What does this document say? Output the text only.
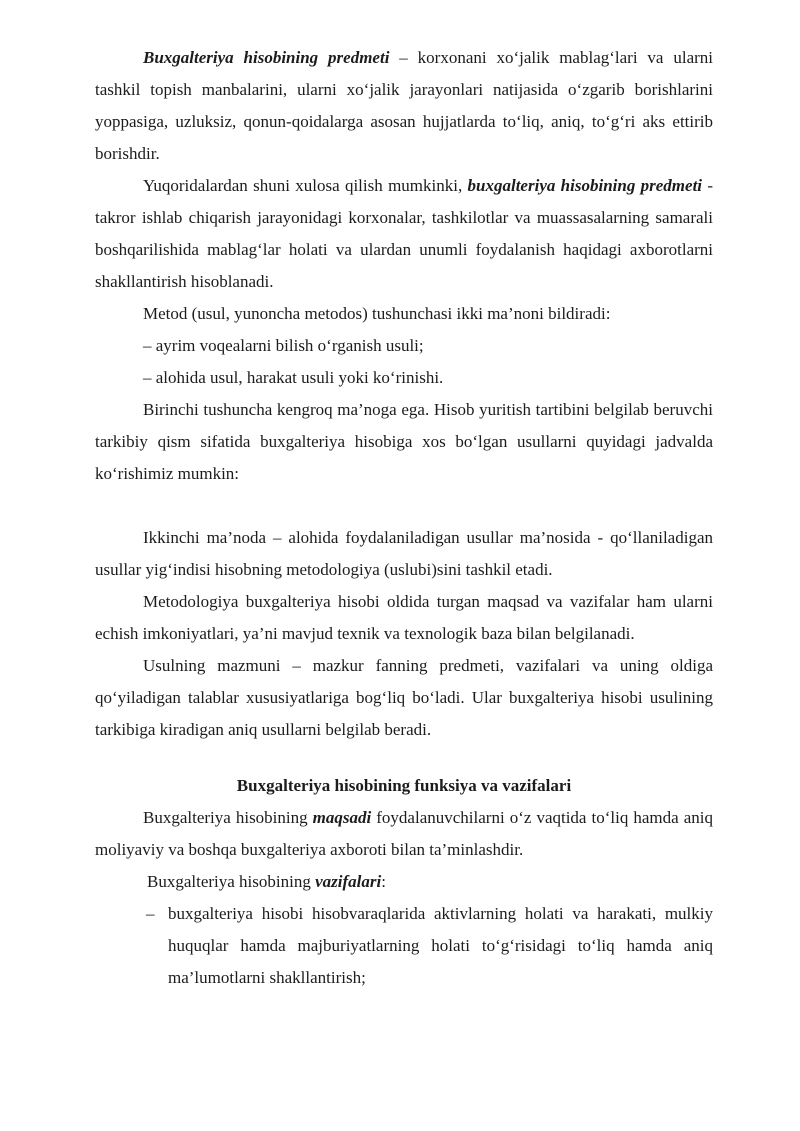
Buxgalteriya hisobining predmeti – korxonani xo‘jalik mablag‘lari va ularni tashkil topish manbalarini, ularni xo‘jalik jarayonlari natijasida o‘zgarib borishlarini yoppasiga, uzluksiz, qonun-qoidalarga asosan hujjatlarda to‘liq, aniq, to‘g‘ri aks ettirib borishdir.

Yuqoridalardan shuni xulosa qilish mumkinki, buxgalteriya hisobining predmeti - takror ishlab chiqarish jarayonidagi korxonalar, tashkilotlar va muassasalarning samarali boshqarilishida mablag‘lar holati va ulardan unumli foydalanish haqidagi axborotlarni shakllantirish hisoblanadi.

Metod (usul, yunoncha metodos) tushunchasi ikki ma’noni bildiradi:

– ayrim voqealarni bilish o‘rganish usuli;

– alohida usul, harakat usuli yoki ko‘rinishi.

Birinchi tushuncha kengroq ma’noga ega. Hisob yuritish tartibini belgilab beruvchi tarkibiy qism sifatida buxgalteriya hisobiga xos bo‘lgan usullarni quyidagi jadvalda ko‘rishimiz mumkin:

Ikkinchi ma’noda – alohida foydalaniladigan usullar ma’nosida - qo‘llaniladigan usullar yig‘indisi hisobning metodologiya (uslubi)sini tashkil etadi.

Metodologiya buxgalteriya hisobi oldida turgan maqsad va vazifalar ham ularni echish imkoniyatlari, ya’ni mavjud texnik va texnologik baza bilan belgilanadi.

Usulning mazmuni – mazkur fanning predmeti, vazifalari va uning oldiga qo‘yiladigan talablar xususiyatlariga bog‘liq bo‘ladi. Ular buxgalteriya hisobi usulining tarkibiga kiradigan aniq usullarni belgilab beradi.

Buxgalteriya hisobining funksiya va vazifalari

Buxgalteriya hisobining maqsadi foydalanuvchilarni o‘z vaqtida to‘liq hamda aniq moliyaviy va boshqa buxgalteriya axboroti bilan ta’minlashdir.

Buxgalteriya hisobining vazifalari:

– buxgalteriya hisobi hisobvaraqlarida aktivlarning holati va harakati, mulkiy huquqlar hamda majburiyatlarning holati to‘g‘risidagi to‘liq hamda aniq ma’lumotlarni shakllantirish;
